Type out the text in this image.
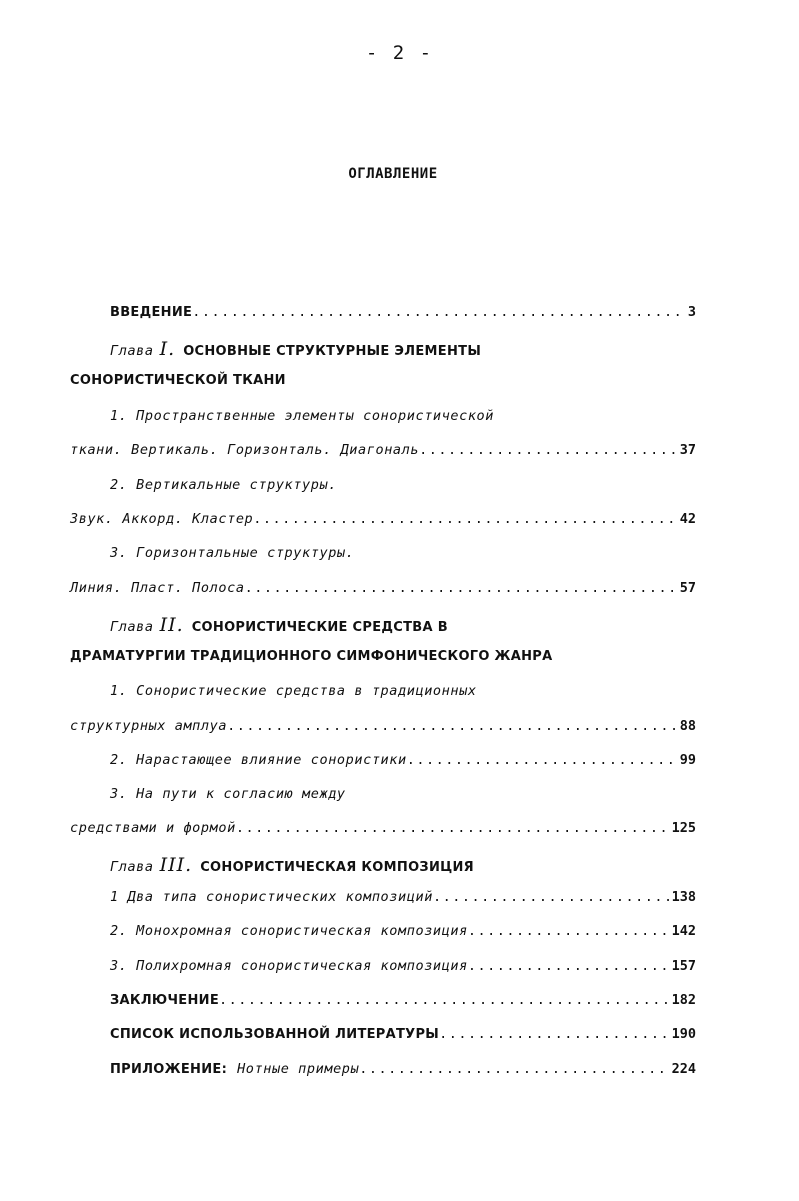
- 2 -
ОГЛАВЛЕНИЕ
ВВЕДЕНИЕ .....	3
Глава I. ОСНОВНЫЕ СТРУКТУРНЫЕ ЭЛЕМЕНТЫ
СОНОРИСТИЧЕСКОЙ ТКАНИ
1. Пространственные элементы сонористической
ткани. Вертикаль. Горизонталь. Диагональ .....	37
2. Вертикальные структуры.
Звук. Аккорд. Кластер .....	42
3. Горизонтальные структуры.
Линия. Пласт. Полоса .....	57
Глава II. СОНОРИСТИЧЕСКИЕ СРЕДСТВА В
ДРАМАТУРГИИ ТРАДИЦИОННОГО СИМФОНИЧЕСКОГО ЖАНРА
1. Сонористические средства в традиционных
структурных амплуа .....	88
2. Нарастающее влияние сонористики .....	99
3. На пути к согласию между
средствами и формой .....	125
Глава III. СОНОРИСТИЧЕСКАЯ КОМПОЗИЦИЯ
1 Два типа сонористических композиций .....	138
2. Монохромная сонористическая композиция .....	142
3. Полихромная сонористическая композиция .....	157
ЗАКЛЮЧЕНИЕ .....	182
СПИСОК ИСПОЛЬЗОВАННОЙ ЛИТЕРАТУРЫ .....	190
ПРИЛОЖЕНИЕ: Нотные примеры .....	224
